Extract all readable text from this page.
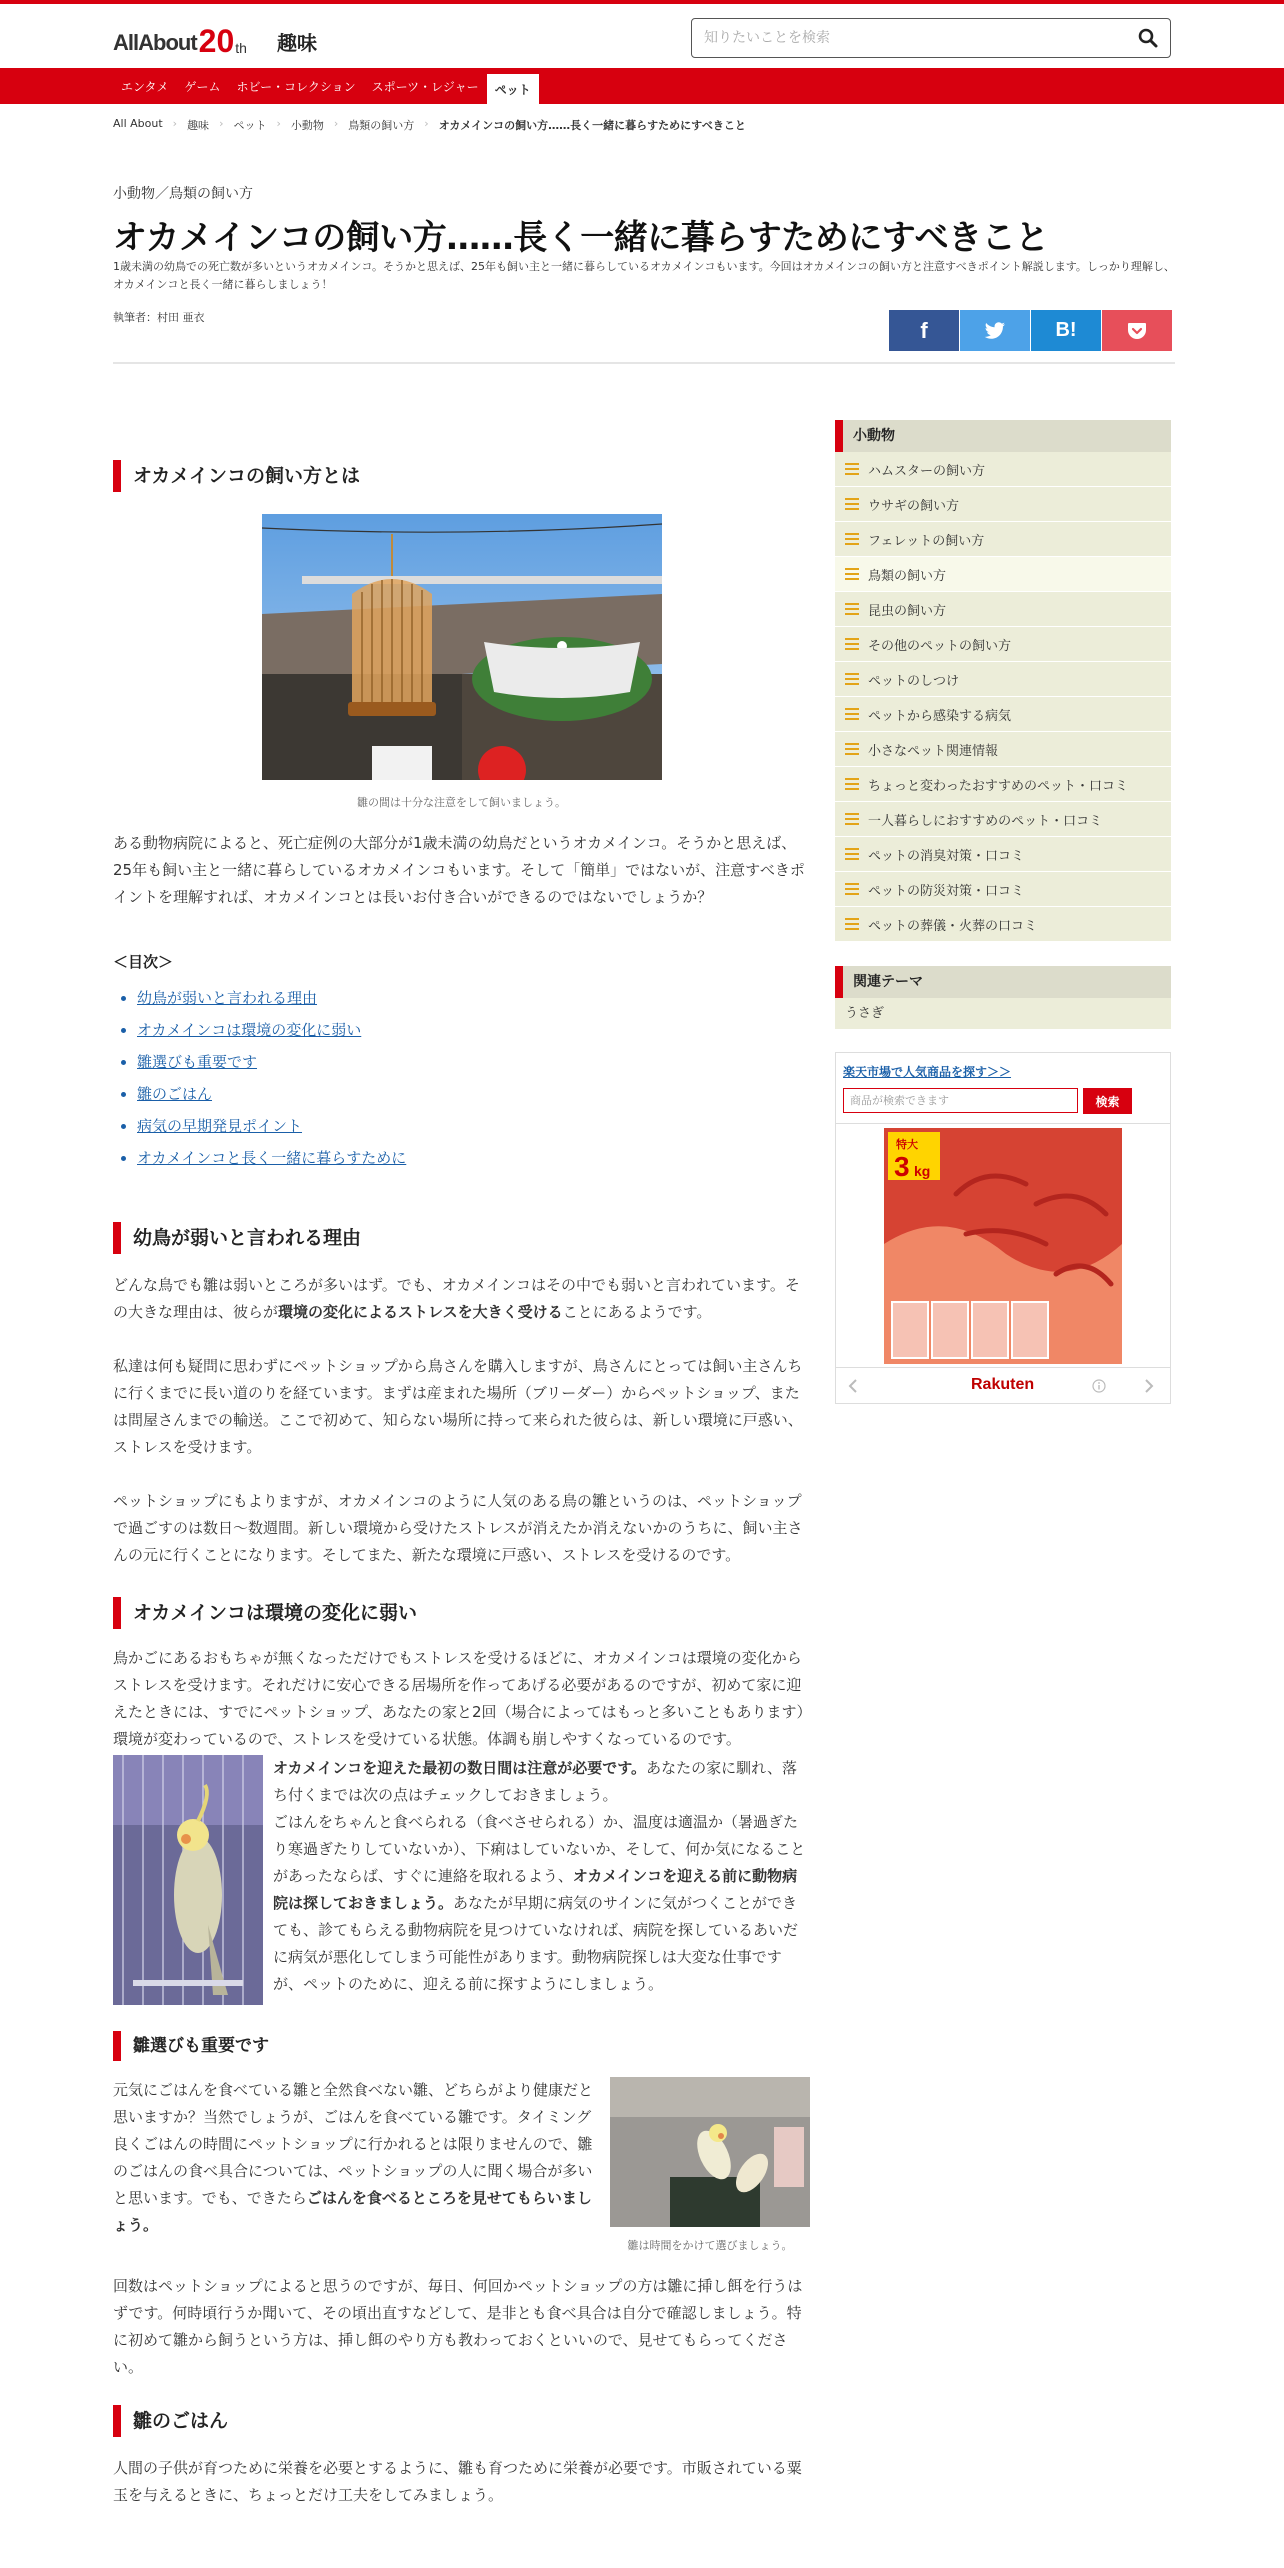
AllAbout 20 th 趣味
知りたいことを検索
エンタメ	ゲーム	ホビー・コレクション	スポーツ・レジャー	ペット
All About › 趣味 › ペット › 小動物 › 鳥類の飼い方 › オカメインコの飼い方……長く一緒に暮らすためにすべきこと
小動物／鳥類の飼い方
オカメインコの飼い方……長く一緒に暮らすためにすべきこと

1歳未満の幼鳥での死亡数が多いというオカメインコ。そうかと思えば、25年も飼い主と一緒に暮らしているオカメインコもいます。今回はオカメインコの飼い方と注意すべきポイント解説します。しっかり理解し、オカメインコと長く一緒に暮らしましょう！

執筆者：村田 亜衣	f	B!
オカメインコの飼い方とは
雛の間は十分な注意をして飼いましょう。

ある動物病院によると、死亡症例の大部分が1歳未満の幼鳥だというオカメインコ。そうかと思えば、25年も飼い主と一緒に暮らしているオカメインコもいます。そして「簡単」ではないが、注意すべきポイントを理解すれば、オカメインコとは長いお付き合いができるのではないでしょうか？

＜目次＞
• 幼鳥が弱いと言われる理由
• オカメインコは環境の変化に弱い
• 雛選びも重要です
• 雛のごはん
• 病気の早期発見ポイント
• オカメインコと長く一緒に暮らすために
幼鳥が弱いと言われる理由

どんな鳥でも雛は弱いところが多いはず。でも、オカメインコはその中でも弱いと言われています。その大きな理由は、彼らが環境の変化によるストレスを大きく受けることにあるようです。

私達は何も疑問に思わずにペットショップから鳥さんを購入しますが、鳥さんにとっては飼い主さんちに行くまでに長い道のりを経ています。まずは産まれた場所（ブリーダー）からペットショップ、または問屋さんまでの輸送。ここで初めて、知らない場所に持って来られた彼らは、新しい環境に戸惑い、ストレスを受けます。

ペットショップにもよりますが、オカメインコのように人気のある鳥の雛というのは、ペットショップで過ごすのは数日～数週間。新しい環境から受けたストレスが消えたか消えないかのうちに、飼い主さんの元に行くことになります。そしてまた、新たな環境に戸惑い、ストレスを受けるのです。

オカメインコは環境の変化に弱い

鳥かごにあるおもちゃが無くなっただけでもストレスを受けるほどに、オカメインコは環境の変化からストレスを受けます。それだけに安心できる居場所を作ってあげる必要があるのですが、初めて家に迎えたときには、すでにペットショップ、あなたの家と2回（場合によってはもっと多いこともあります）環境が変わっているので、ストレスを受けている状態。体調も崩しやすくなっているのです。

オカメインコを迎えた最初の数日間は注意が必要です。あなたの家に馴れ、落ち付くまでは次の点はチェックしておきましょう。

ごはんをちゃんと食べられる（食べさせられる）か、温度は適温か（暑過ぎたり寒過ぎたりしていないか）、下痢はしていないか、そして、何か気になることがあったならば、すぐに連絡を取れるよう、オカメインコを迎える前に動物病院は探しておきましょう。あなたが早期に病気のサインに気がつくことができても、診てもらえる動物病院を見つけていなければ、病院を探しているあいだに病気が悪化してしまう可能性があります。動物病院探しは大変な仕事ですが、ペットのために、迎える前に探すようにしましょう。

雛選びも重要です

元気にごはんを食べている雛と全然食べない雛、どちらがより健康だと思いますか？当然でしょうが、ごはんを食べている雛です。タイミング良くごはんの時間にペットショップに行かれるとは限りませんので、雛のごはんの食べ具合については、ペットショップの人に聞く場合が多いと思います。でも、できたらごはんを食べるところを見せてもらいましょう。

雛は時間をかけて選びましょう。

回数はペットショップによると思うのですが、毎日、何回かペットショップの方は雛に挿し餌を行うはずです。何時頃行うか聞いて、その頃出直すなどして、是非とも食べ具合は自分で確認しましょう。特に初めて雛から飼うという方は、挿し餌のやり方も教わっておくといいので、見せてもらってください。

雛のごはん

人間の子供が育つために栄養を必要とするように、雛も育つために栄養が必要です。市販されている粟玉を与えるときに、ちょっとだけ工夫をしてみましょう。

小動物
ハムスターの飼い方
ウサギの飼い方
フェレットの飼い方
鳥類の飼い方
昆虫の飼い方
その他のペットの飼い方
ペットのしつけ
ペットから感染する病気
小さなペット関連情報
ちょっと変わったおすすめのペット・口コミ
一人暮らしにおすすめのペット・口コミ
ペットの消臭対策・口コミ
ペットの防災対策・口コミ
ペットの葬儀・火葬の口コミ
関連テーマ
うさぎ
楽天市場で人気商品を探す＞＞
商品が検索できます
検索
特大
3 kg
Rakuten
